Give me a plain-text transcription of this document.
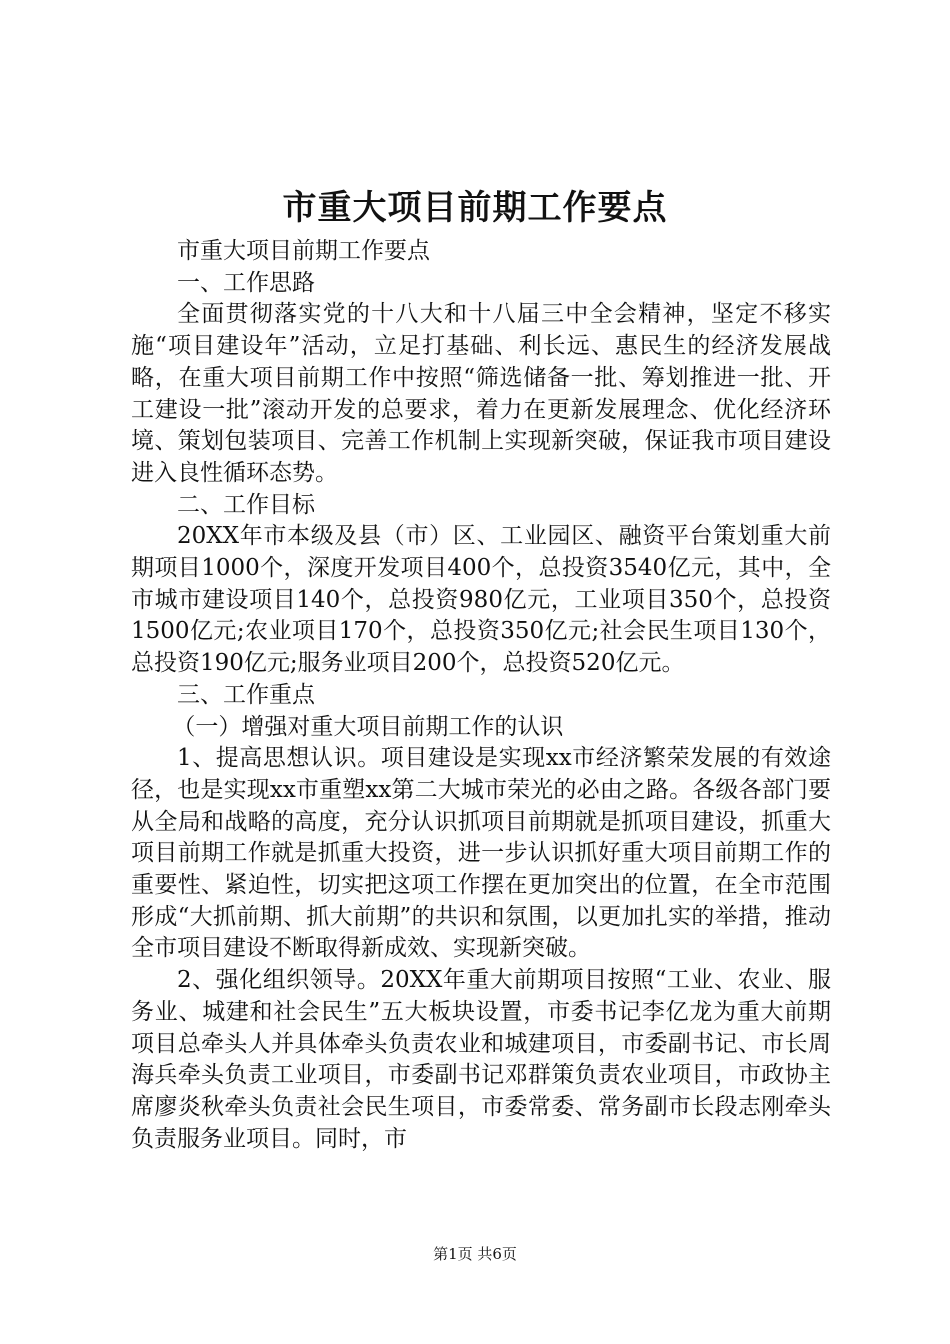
市重大项目前期工作要点

市重大项目前期工作要点

一、工作思路

全面贯彻落实党的十八大和十八届三中全会精神，坚定不移实施“项目建设年”活动，立足打基础、利长远、惠民生的经济发展战略，在重大项目前期工作中按照“筛选储备一批、筹划推进一批、开工建设一批”滚动开发的总要求，着力在更新发展理念、优化经济环境、策划包装项目、完善工作机制上实现新突破，保证我市项目建设进入良性循环态势。

二、工作目标

20XX年市本级及县（市）区、工业园区、融资平台策划重大前期项目1000个，深度开发项目400个，总投资3540亿元，其中，全市城市建设项目140个，总投资980亿元，工业项目350个，总投资1500亿元;农业项目170个，总投资350亿元;社会民生项目130个，总投资190亿元;服务业项目200个，总投资520亿元。

三、工作重点

（一）增强对重大项目前期工作的认识

1、提高思想认识。项目建设是实现xx市经济繁荣发展的有效途径，也是实现xx市重塑xx第二大城市荣光的必由之路。各级各部门要从全局和战略的高度，充分认识抓项目前期就是抓项目建设，抓重大项目前期工作就是抓重大投资，进一步认识抓好重大项目前期工作的重要性、紧迫性，切实把这项工作摆在更加突出的位置，在全市范围形成“大抓前期、抓大前期”的共识和氛围，以更加扎实的举措，推动全市项目建设不断取得新成效、实现新突破。

2、强化组织领导。20XX年重大前期项目按照“工业、农业、服务业、城建和社会民生”五大板块设置，市委书记李亿龙为重大前期项目总牵头人并具体牵头负责农业和城建项目，市委副书记、市长周海兵牵头负责工业项目，市委副书记邓群策负责农业项目，市政协主席廖炎秋牵头负责社会民生项目，市委常委、常务副市长段志刚牵头负责服务业项目。同时，市

第1页 共6页
